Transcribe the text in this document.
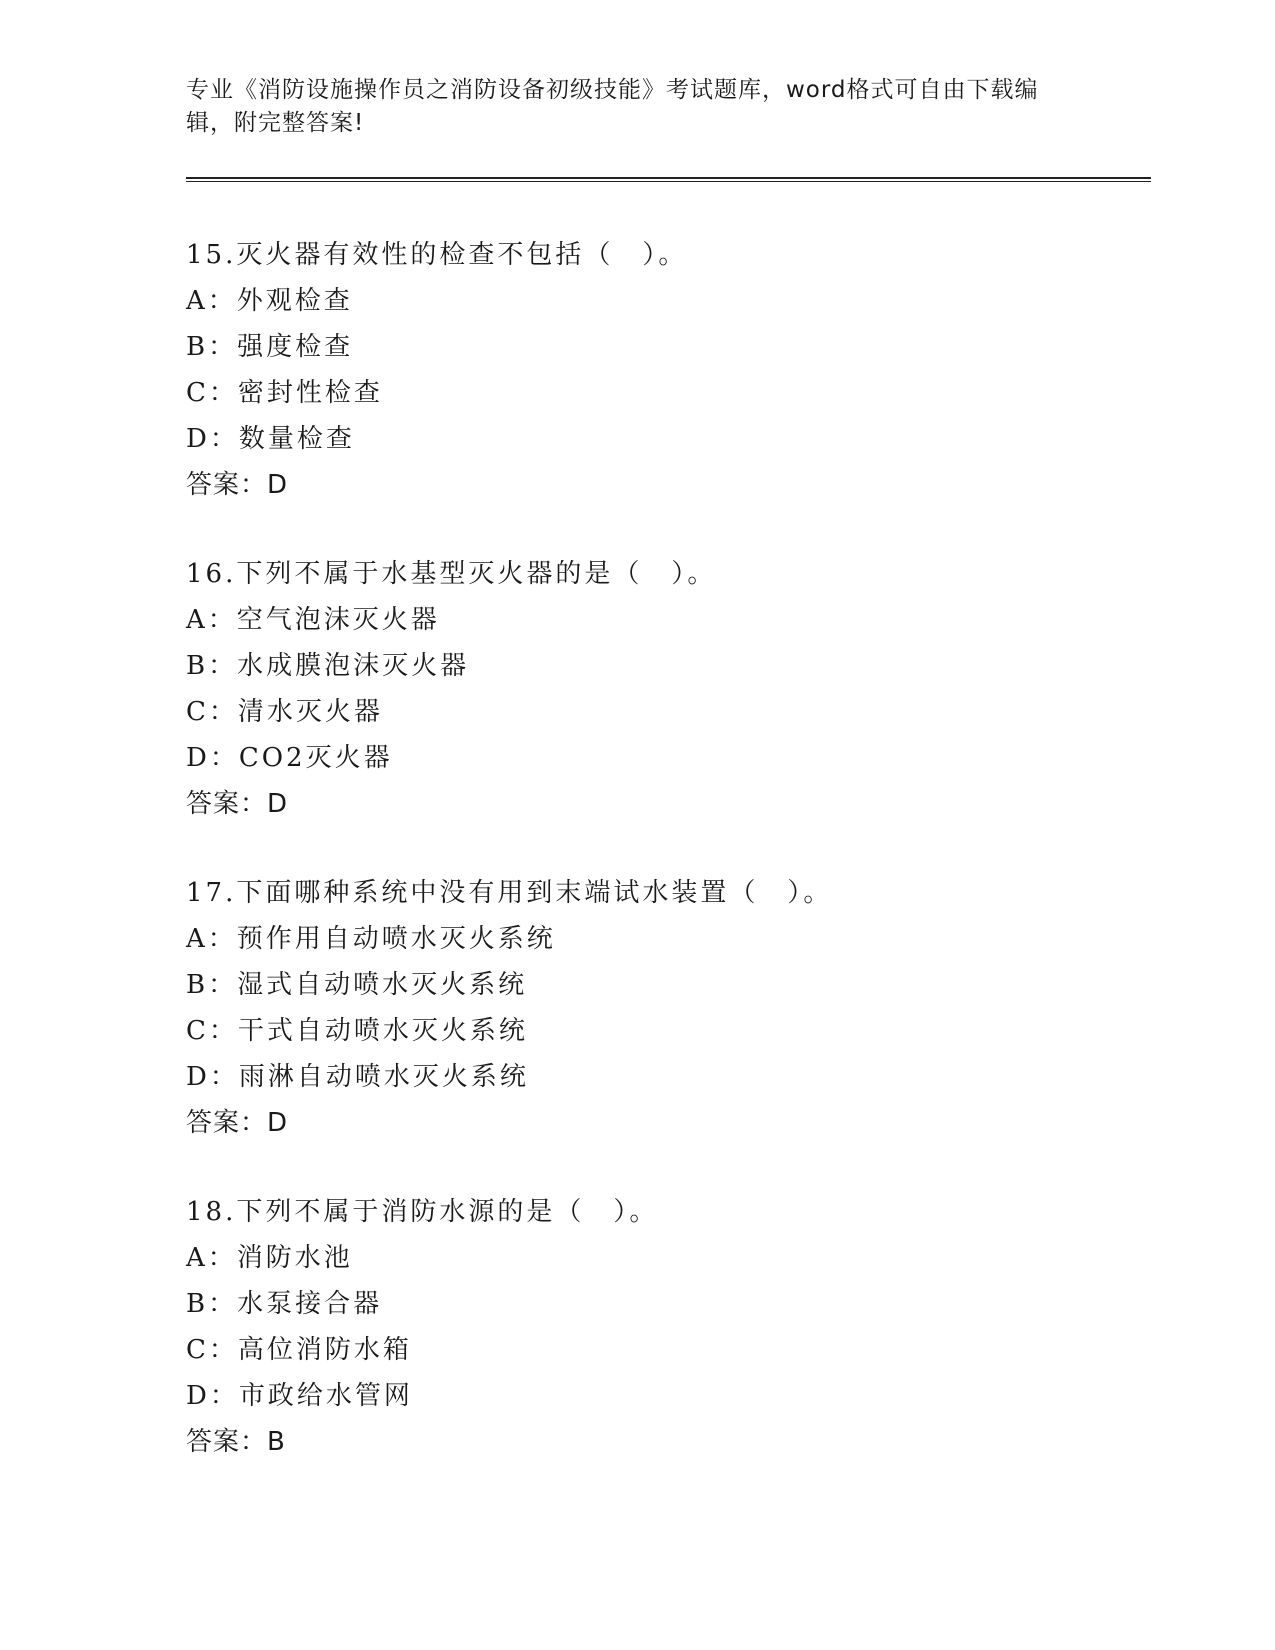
专业《消防设施操作员之消防设备初级技能》考试题库，word格式可自由下载编辑，附完整答案!
15.灭火器有效性的检查不包括（　）。
A：外观检查
B：强度检查
C：密封性检查
D：数量检查
答案：D
16.下列不属于水基型灭火器的是（　）。
A：空气泡沫灭火器
B：水成膜泡沫灭火器
C：清水灭火器
D：CO2灭火器
答案：D
17.下面哪种系统中没有用到末端试水装置（　）。
A：预作用自动喷水灭火系统
B：湿式自动喷水灭火系统
C：干式自动喷水灭火系统
D：雨淋自动喷水灭火系统
答案：D
18.下列不属于消防水源的是（　）。
A：消防水池
B：水泵接合器
C：高位消防水箱
D：市政给水管网
答案：B
